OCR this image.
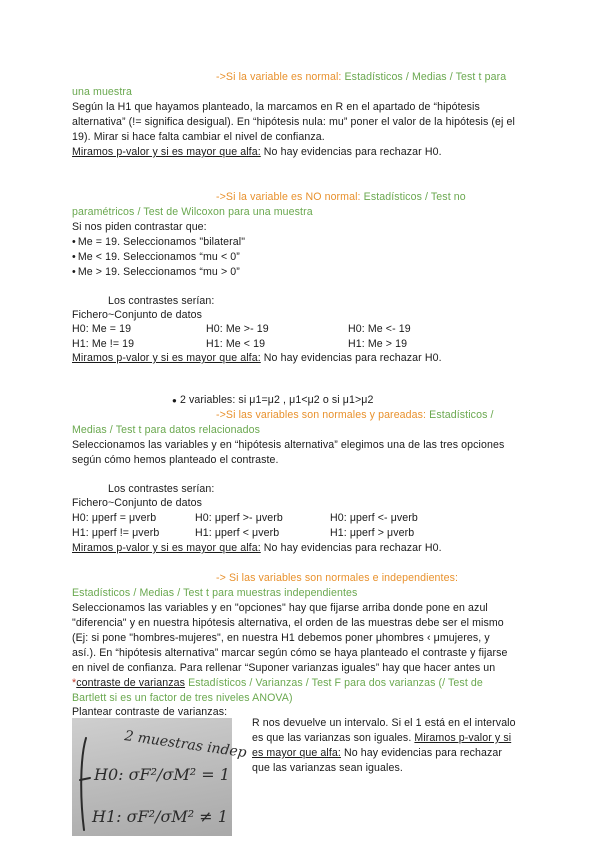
->Si la variable es normal: Estadísticos / Medias / Test t para
una muestra
Según la H1 que hayamos planteado, la marcamos en R en el apartado de “hipótesis
alternativa” (!= significa desigual). En “hipótesis nula: mu” poner el valor de la hipótesis (ej el
19). Mirar si hace falta cambiar el nivel de confianza.
Miramos p-valor y si es mayor que alfa: No hay evidencias para rechazar H0.
->Si la variable es NO normal: Estadísticos / Test no
paramétricos / Test de Wilcoxon para una muestra
Si nos piden contrastar que:
• Me = 19. Seleccionamos "bilateral"
• Me < 19. Seleccionamos “mu < 0”
• Me > 19. Seleccionamos “mu > 0”
Los contrastes serían:
Fichero~Conjunto de datos
H0: Me = 19	H0: Me >- 19	H0: Me <- 19
H1: Me != 19	H1: Me < 19	H1: Me > 19
Miramos p-valor y si es mayor que alfa: No hay evidencias para rechazar H0.
● 2 variables: si μ1=μ2 , μ1<μ2 o si μ1>μ2
->Si las variables son normales y pareadas: Estadísticos /
Medias / Test t para datos relacionados
Seleccionamos las variables y en “hipótesis alternativa” elegimos una de las tres opciones
según cómo hemos planteado el contraste.
Los contrastes serían:
Fichero~Conjunto de datos
H0: μperf = μverb	H0: μperf >- μverb	H0: μperf <- μverb
H1: μperf != μverb	H1: μperf < μverb	H1: μperf > μverb
Miramos p-valor y si es mayor que alfa: No hay evidencias para rechazar H0.
-> Si las variables son normales e independientes:
Estadísticos / Medias / Test t para muestras independientes
Seleccionamos las variables y en "opciones" hay que fijarse arriba donde pone en azul
"diferencia" y en nuestra hipótesis alternativa, el orden de las muestras debe ser el mismo
(Ej: si pone "hombres-mujeres", en nuestra H1 debemos poner μhombres ‹ μmujeres, y
así.). En “hipótesis alternativa” marcar según cómo se haya planteado el contraste y fijarse
en nivel de confianza. Para rellenar “Suponer varianzas iguales” hay que hacer antes un
*contraste de varianzas Estadísticos / Varianzas / Test F para dos varianzas (/ Test de
Bartlett si es un factor de tres niveles ANOVA)
Plantear contraste de varianzas:
2 muestras indep
H0: σF²/σM² = 1
H1: σF²/σM² ≠ 1
R nos devuelve un intervalo. Si el 1 está en el intervalo
es que las varianzas son iguales. Miramos p-valor y si
es mayor que alfa: No hay evidencias para rechazar
que las varianzas sean iguales.
